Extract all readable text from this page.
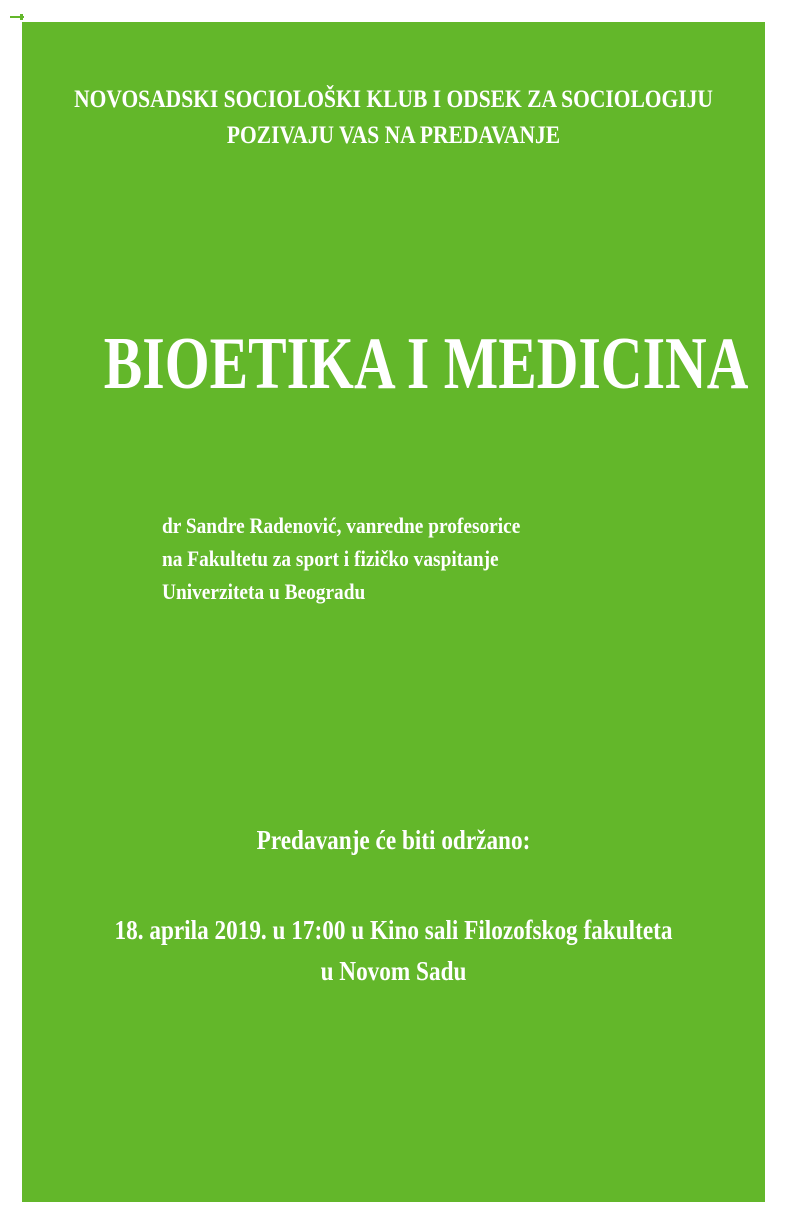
NOVOSADSKI SOCIOLOŠKI KLUB I ODSEK ZA SOCIOLOGIJU
POZIVAJU VAS NA PREDAVANJE
BIOETIKA I MEDICINA
dr Sandre Radenović, vanredne profesorice
na Fakultetu za sport i fizičko vaspitanje
Univerziteta u Beogradu
Predavanje će biti održano:
18. aprila 2019. u 17:00 u Kino sali Filozofskog fakulteta
u Novom Sadu
